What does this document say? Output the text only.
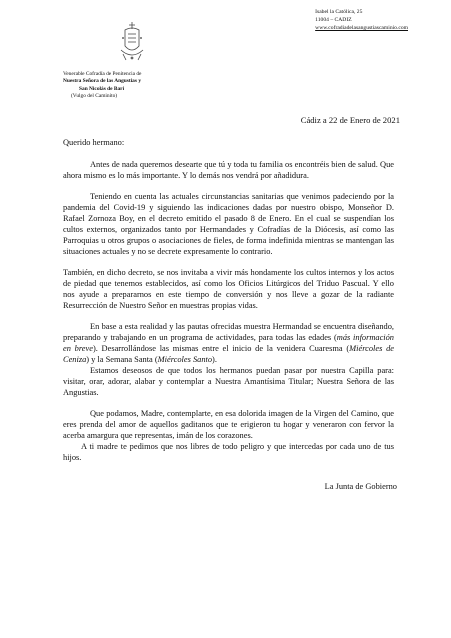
Isabel la Católica, 25
11004 – CADIZ
www.cofradiadelasangustiascaminio.com
Venerable Cofradía de Penitencia de
Nuestra Señora de las Angustias y
San Nicolás de Bari
(Vulgo del Caminito)
Cádiz a 22 de Enero de 2021

Querido hermano:

Antes de nada queremos desearte que tú y toda tu familia os encontréis bien de salud. Que ahora mismo es lo más importante. Y lo demás nos vendrá por añadidura.

Teniendo en cuenta las actuales circunstancias sanitarias que venimos padeciendo por la pandemia del Covid-19 y siguiendo las indicaciones dadas por nuestro obispo, Monseñor D. Rafael Zornoza Boy, en el decreto emitido el pasado 8 de Enero. En el cual se suspendían los cultos externos, organizados tanto por Hermandades y Cofradías de la Diócesis, así como las Parroquias u otros grupos o asociaciones de fieles, de forma indefinida mientras se mantengan las situaciones actuales y no se decrete expresamente lo contrario.

También, en dicho decreto, se nos invitaba a vivir más hondamente los cultos internos y los actos de piedad que tenemos establecidos, así como los Oficios Litúrgicos del Triduo Pascual. Y ello nos ayude a prepararnos en este tiempo de conversión y nos lleve a gozar de la radiante Resurrección de Nuestro Señor en muestras propias vidas.

En base a esta realidad y las pautas ofrecidas muestra Hermandad se encuentra diseñando, preparando y trabajando en un programa de actividades, para todas las edades (más información en breve). Desarrollándose las mismas entre el inicio de la venidera Cuaresma (Miércoles de Ceniza) y la Semana Santa (Miércoles Santo).

Estamos deseosos de que todos los hermanos puedan pasar por nuestra Capilla para: visitar, orar, adorar, alabar y contemplar a Nuestra Amantísima Titular; Nuestra Señora de las Angustias.

Que podamos, Madre, contemplarte, en esa dolorida imagen de la Virgen del Camino, que eres prenda del amor de aquellos gaditanos que te erigieron tu hogar y veneraron con fervor la acerba amargura que representas, imán de los corazones.

A ti madre te pedimos que nos libres de todo peligro y que intercedas por cada uno de tus hijos.

La Junta de Gobierno
